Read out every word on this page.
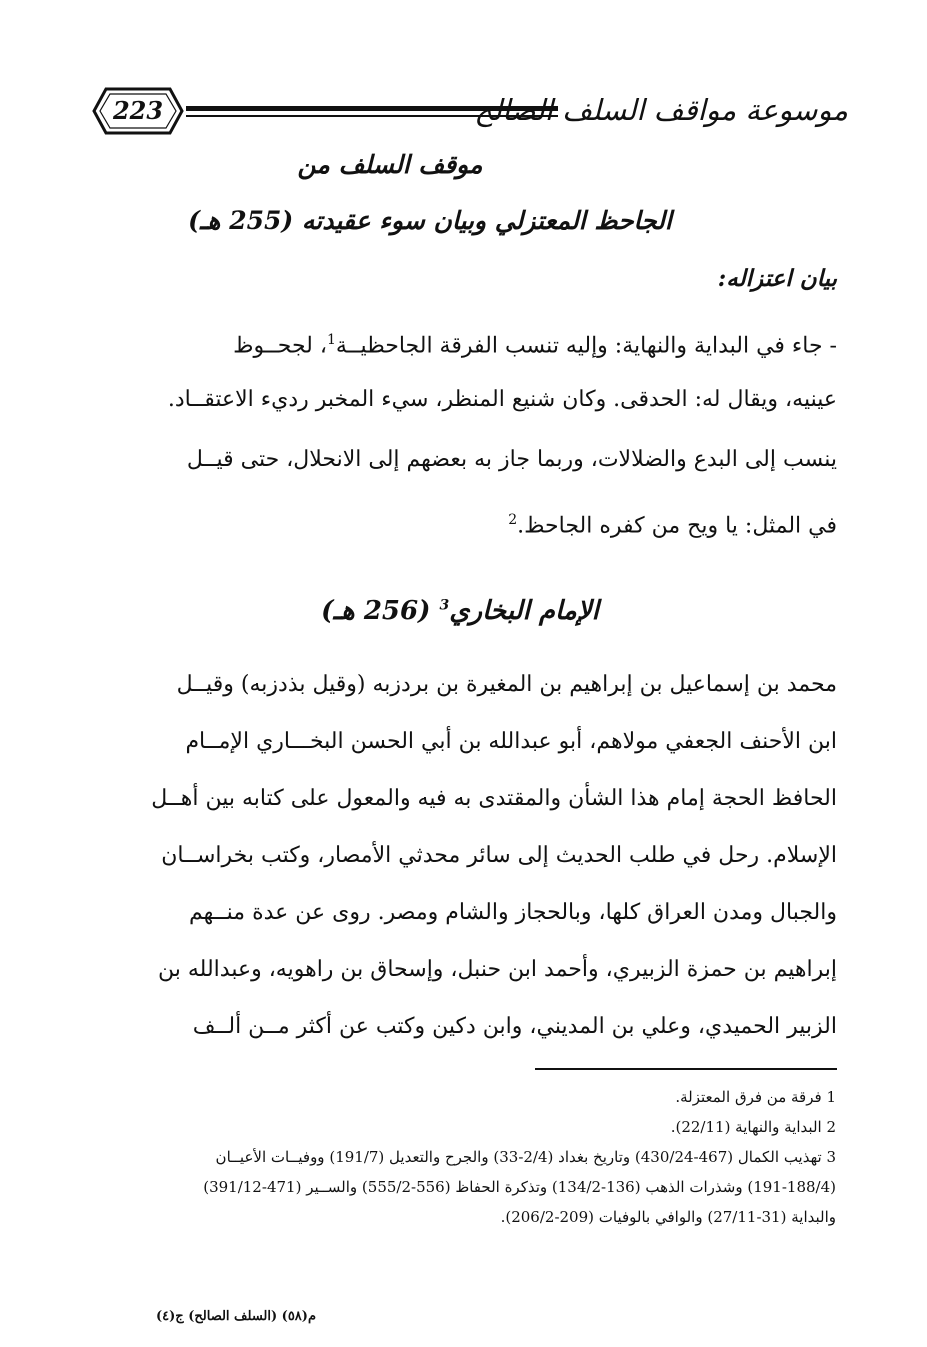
223	موسوعة مواقف السلف الصالح
موقف السلف من
الجاحظ المعتزلي وبيان سوء عقيدته (255 هـ)
بيان اعتزاله:
- جاء في البداية والنهاية: وإليه تنسب الفرقة الجاحظيــة$^1$، لجحــوظ
عينيه، ويقال له: الحدقى. وكان شنيع المنظر، سيء المخبر رديء الاعتقــاد.
ينسب إلى البدع والضلالات، وربما جاز به بعضهم إلى الانحلال، حتى قيــل
في المثل: يا ويح من كفره الجاحظ.$^2$
الإمام البخاري$^3$ (256 هـ)
محمد بن إسماعيل بن إبراهيم بن المغيرة بن بردزبه (وقيل بذدزبه) وقيــل
ابن الأحنف الجعفي مولاهم، أبو عبدالله بن أبي الحسن البخـــاري الإمــام
الحافظ الحجة إمام هذا الشأن والمقتدى به فيه والمعول على كتابه بين أهــل
الإسلام. رحل في طلب الحديث إلى سائر محدثي الأمصار، وكتب بخراســان
والجبال ومدن العراق كلها، وبالحجاز والشام ومصر. روى عن عدة منــهم
إبراهيم بن حمزة الزبيري، وأحمد ابن حنبل، وإسحاق بن راهويه، وعبدالله بن
الزبير الحميدي، وعلي بن المديني، وابن دكين وكتب عن أكثر مــن ألــف
1 فرقة من فرق المعتزلة.
2 البداية والنهاية (22/11).
3 تهذيب الكمال (467-430/24) وتاريخ بغداد (2/4-33) والجرح والتعديل (191/7) ووفيــات الأعيــان
(191-188/4) وشذرات الذهب (136-134/2) وتذكرة الحفاظ (556-555/2) والســير (471-391/12)
والبداية (31-27/11) والوافي بالوفيات (209-206/2).
م(٥٨) (السلف الصالح) ج(٤)
